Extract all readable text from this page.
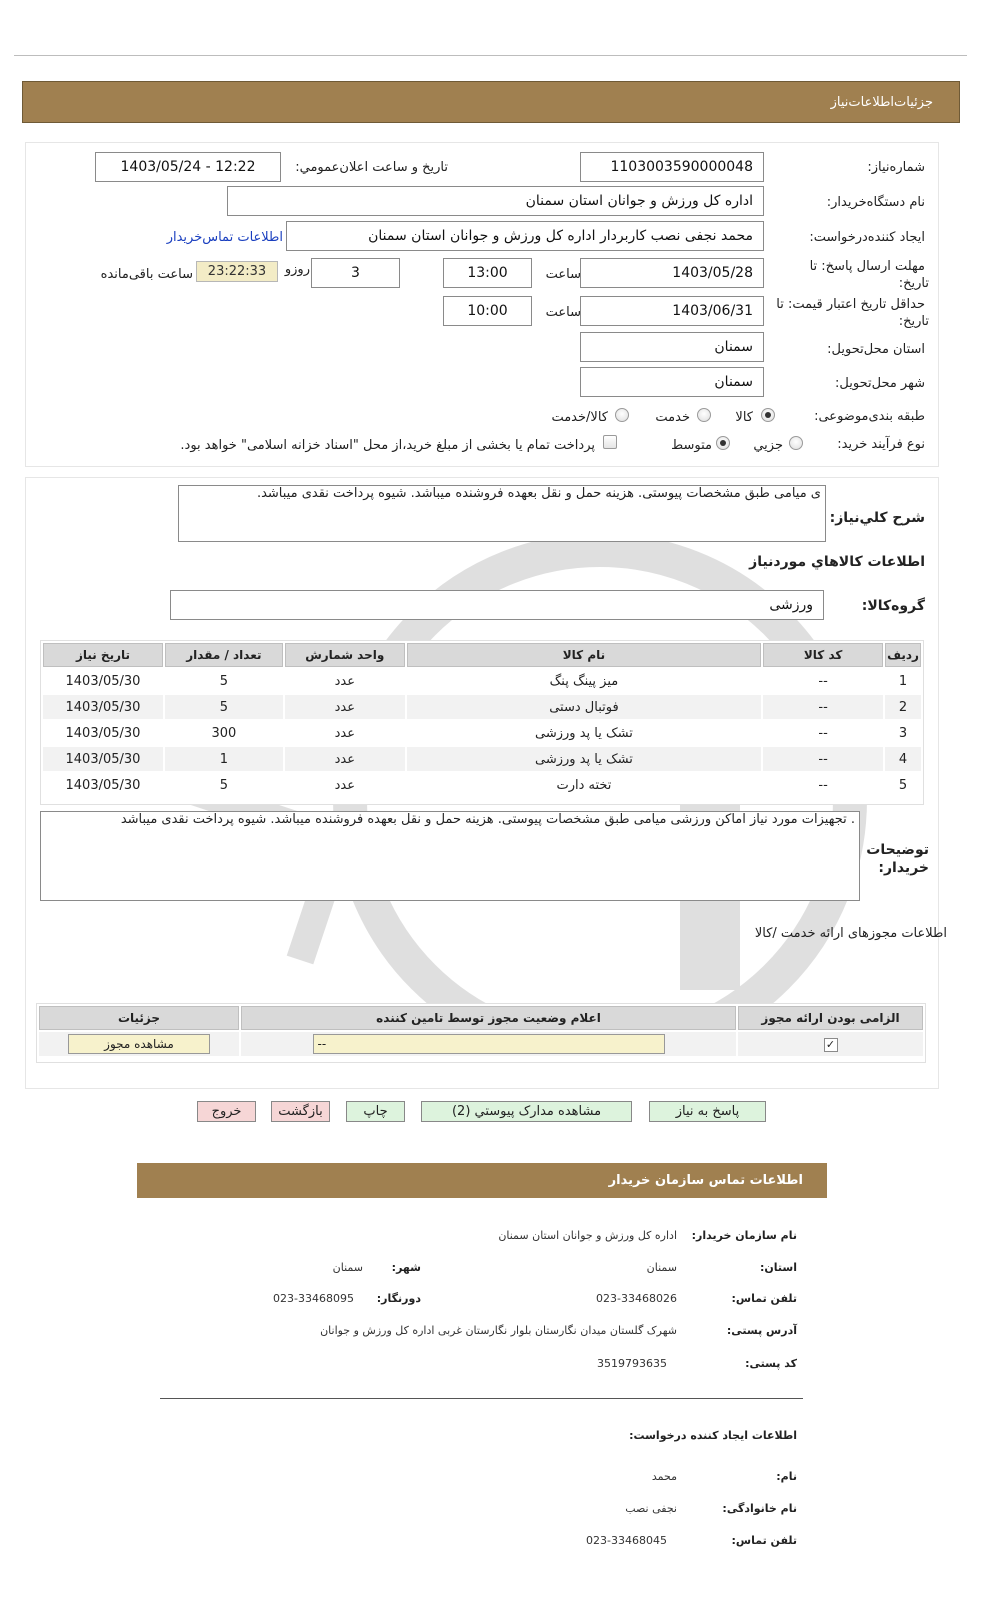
جزئیات‌اطلاعات‌نیاز
شماره‌نیاز:
1103003590000048
تاریخ و ساعت اعلان‌عمومي:
1403/05/24 - 12:22
نام دستگاه‌خریدار:
اداره کل ورزش و جوانان استان سمنان
ایجاد کننده‌درخواست:
محمد نجفی نصب کاربردار اداره کل ورزش و جوانان استان سمنان
اطلاعات تماس‌خریدار
مهلت ارسال پاسخ: تا
تاریخ:
1403/05/28
ساعت
13:00
3
روزو
23:22:33
ساعت باقی‌مانده
حداقل تاریخ اعتبار قیمت: تا
تاریخ:
1403/06/31
ساعت
10:00
استان محل‌تحویل:
سمنان
شهر محل‌تحویل:
سمنان
طبقه بندی‌موضوعی:
کالا
خدمت
کالا/خدمت
نوع فرآیند خرید:
جزیي
متوسط
پرداخت تمام یا بخشی از مبلغ خرید،از محل "اسناد خزانه اسلامی" خواهد بود.
شرح کلي‌نیاز:
ی میامی طبق مشخصات پیوستی. هزینه حمل و نقل بعهده فروشنده میباشد. شیوه پرداخت نقدی میباشد.
اطلاعات کالاهاي مورد‌نیاز
گروه‌کالا:
ورزشی
ردیف	کد کالا	نام کالا	واحد شمارش	تعداد / مقدار	تاریخ نیاز
1	--	میز پینگ پنگ	عدد	5	1403/05/30
2	--	فوتبال دستی	عدد	5	1403/05/30
3	--	تشک یا پد ورزشی	عدد	300	1403/05/30
4	--	تشک یا پد ورزشی	عدد	1	1403/05/30
5	--	تخته دارت	عدد	5	1403/05/30
توضیحات
خریدار:
. تجهیزات مورد نیاز اماکن ورزشی میامی طبق مشخصات پیوستی. هزینه حمل و نقل بعهده فروشنده میباشد. شیوه پرداخت نقدی میباشد
اطلاعات مجوزهای ارائه خدمت /کالا
الزامی بودن ارائه مجوز	اعلام وضعیت مجوز توسط تامین کننده	جزئیات
✓	--	مشاهده مجوز
پاسخ به نیاز
مشاهده مدارک پیوستي (2)
چاپ
بازگشت
خروج
اطلاعات تماس سازمان خریدار
نام سازمان خریدار:
اداره کل ورزش و جوانان استان سمنان
استان:
سمنان
شهر:
سمنان
تلفن تماس:
023-33468026
دورنگار:
023-33468095
آدرس پستی:
شهرک گلستان میدان نگارستان بلوار نگارستان غربی اداره کل ورزش و جوانان
کد پستی:
3519793635
اطلاعات ایجاد کننده درخواست:
نام:
محمد
نام خانوادگی:
نجفی نصب
تلفن تماس:
023-33468045
